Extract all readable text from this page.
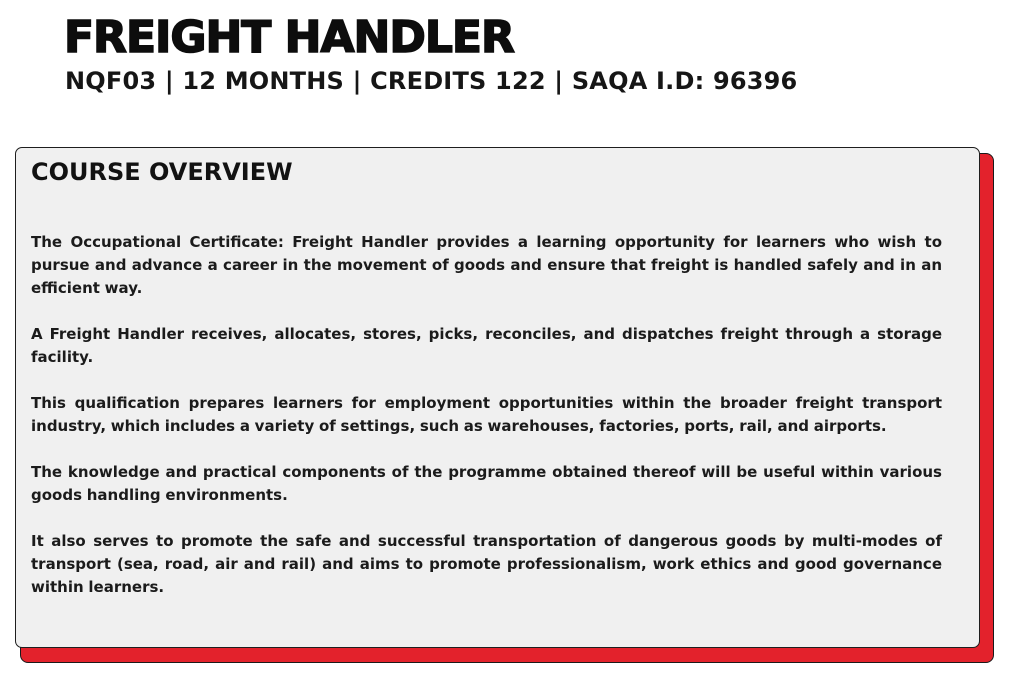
FREIGHT HANDLER
NQF03 | 12 MONTHS | CREDITS 122 | SAQA I.D: 96396
COURSE OVERVIEW

The Occupational Certificate: Freight Handler provides a learning opportunity for learners who wish to pursue and advance a career in the movement of goods and ensure that freight is handled safely and in an efficient way.

A Freight Handler receives, allocates, stores, picks, reconciles, and dispatches freight through a storage facility.

This qualification prepares learners for employment opportunities within the broader freight transport industry, which includes a variety of settings, such as warehouses, factories, ports, rail, and airports.

The knowledge and practical components of the programme obtained thereof will be useful within various goods handling environments.

It also serves to promote the safe and successful transportation of dangerous goods by multi-modes of transport (sea, road, air and rail) and aims to promote professionalism, work ethics and good governance within learners.
